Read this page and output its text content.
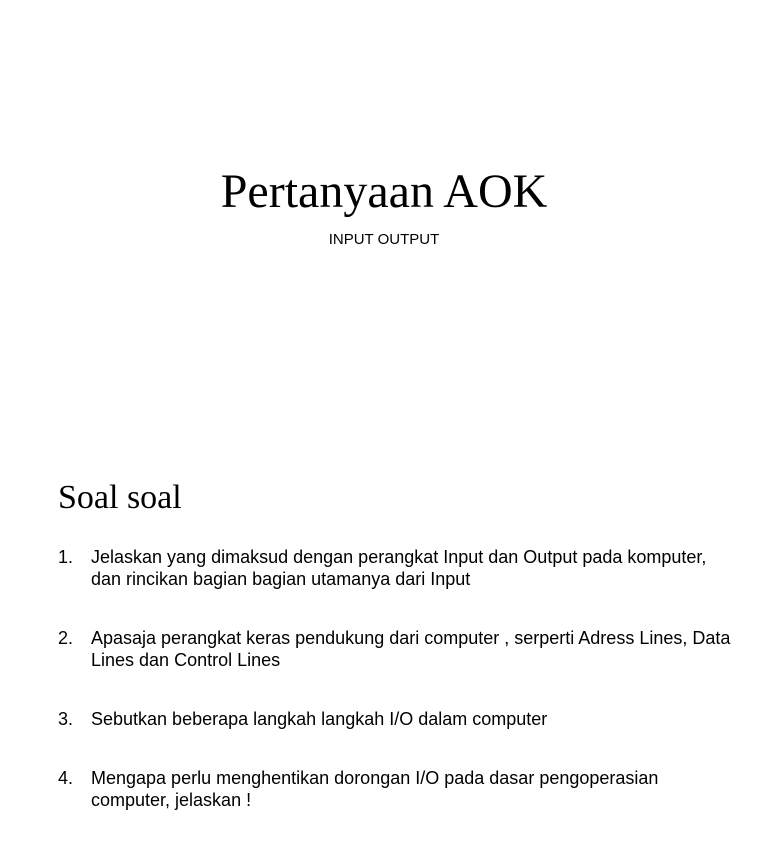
Pertanyaan AOK

INPUT OUTPUT

Soal soal
1. Jelaskan yang dimaksud dengan perangkat Input dan Output pada komputer, dan rincikan bagian bagian utamanya dari Input
2. Apasaja perangkat keras pendukung dari computer , serperti Adress Lines, Data Lines dan Control Lines
3. Sebutkan beberapa langkah langkah I/O dalam computer
4. Mengapa perlu menghentikan dorongan I/O pada dasar pengoperasian computer, jelaskan !
